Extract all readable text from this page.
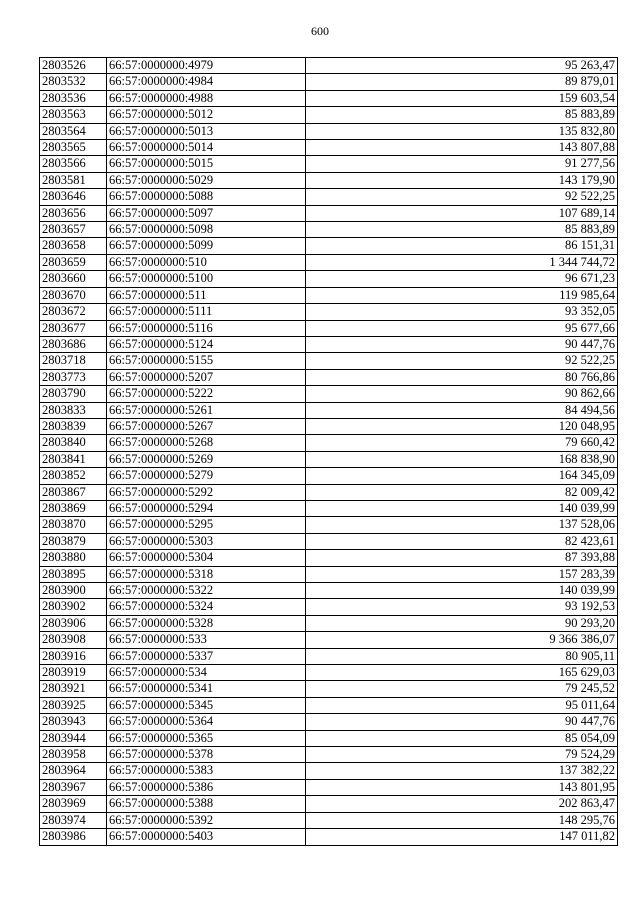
600
2803526	66:57:0000000:4979	95 263,47
2803532	66:57:0000000:4984	89 879,01
2803536	66:57:0000000:4988	159 603,54
2803563	66:57:0000000:5012	85 883,89
2803564	66:57:0000000:5013	135 832,80
2803565	66:57:0000000:5014	143 807,88
2803566	66:57:0000000:5015	91 277,56
2803581	66:57:0000000:5029	143 179,90
2803646	66:57:0000000:5088	92 522,25
2803656	66:57:0000000:5097	107 689,14
2803657	66:57:0000000:5098	85 883,89
2803658	66:57:0000000:5099	86 151,31
2803659	66:57:0000000:510	1 344 744,72
2803660	66:57:0000000:5100	96 671,23
2803670	66:57:0000000:511	119 985,64
2803672	66:57:0000000:5111	93 352,05
2803677	66:57:0000000:5116	95 677,66
2803686	66:57:0000000:5124	90 447,76
2803718	66:57:0000000:5155	92 522,25
2803773	66:57:0000000:5207	80 766,86
2803790	66:57:0000000:5222	90 862,66
2803833	66:57:0000000:5261	84 494,56
2803839	66:57:0000000:5267	120 048,95
2803840	66:57:0000000:5268	79 660,42
2803841	66:57:0000000:5269	168 838,90
2803852	66:57:0000000:5279	164 345,09
2803867	66:57:0000000:5292	82 009,42
2803869	66:57:0000000:5294	140 039,99
2803870	66:57:0000000:5295	137 528,06
2803879	66:57:0000000:5303	82 423,61
2803880	66:57:0000000:5304	87 393,88
2803895	66:57:0000000:5318	157 283,39
2803900	66:57:0000000:5322	140 039,99
2803902	66:57:0000000:5324	93 192,53
2803906	66:57:0000000:5328	90 293,20
2803908	66:57:0000000:533	9 366 386,07
2803916	66:57:0000000:5337	80 905,11
2803919	66:57:0000000:534	165 629,03
2803921	66:57:0000000:5341	79 245,52
2803925	66:57:0000000:5345	95 011,64
2803943	66:57:0000000:5364	90 447,76
2803944	66:57:0000000:5365	85 054,09
2803958	66:57:0000000:5378	79 524,29
2803964	66:57:0000000:5383	137 382,22
2803967	66:57:0000000:5386	143 801,95
2803969	66:57:0000000:5388	202 863,47
2803974	66:57:0000000:5392	148 295,76
2803986	66:57:0000000:5403	147 011,82
